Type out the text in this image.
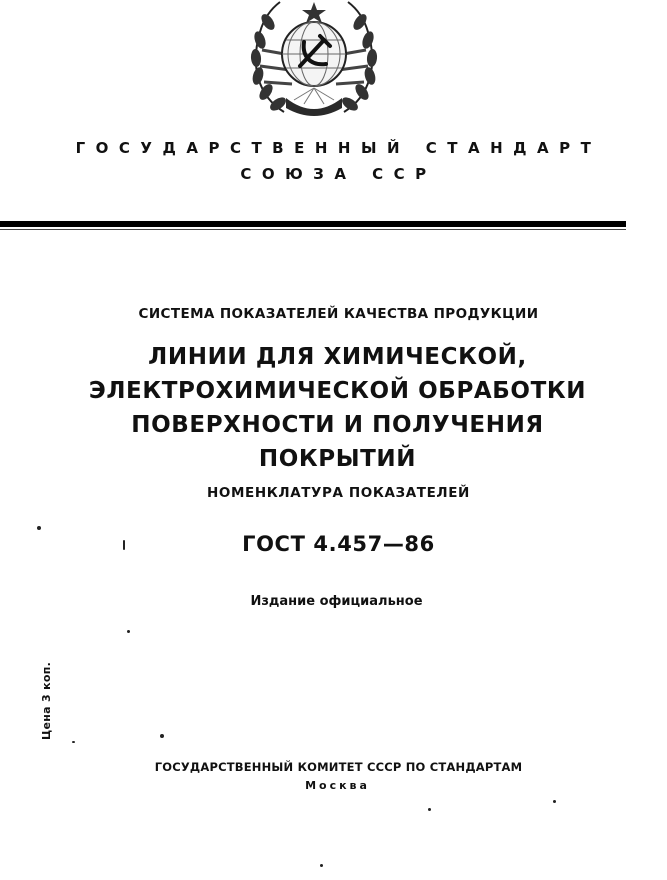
ГОСУДАРСТВЕННЫЙ СТАНДАРТ
СОЮЗА ССР
СИСТЕМА ПОКАЗАТЕЛЕЙ КАЧЕСТВА ПРОДУКЦИИ
ЛИНИИ ДЛЯ ХИМИЧЕСКОЙ,
ЭЛЕКТРОХИМИЧЕСКОЙ ОБРАБОТКИ
ПОВЕРХНОСТИ И ПОЛУЧЕНИЯ
ПОКРЫТИЙ
НОМЕНКЛАТУРА ПОКАЗАТЕЛЕЙ
ГОСТ 4.457—86
Издание официальное
Цена 3 коп.
ГОСУДАРСТВЕННЫЙ КОМИТЕТ СССР ПО СТАНДАРТАМ
Москва
